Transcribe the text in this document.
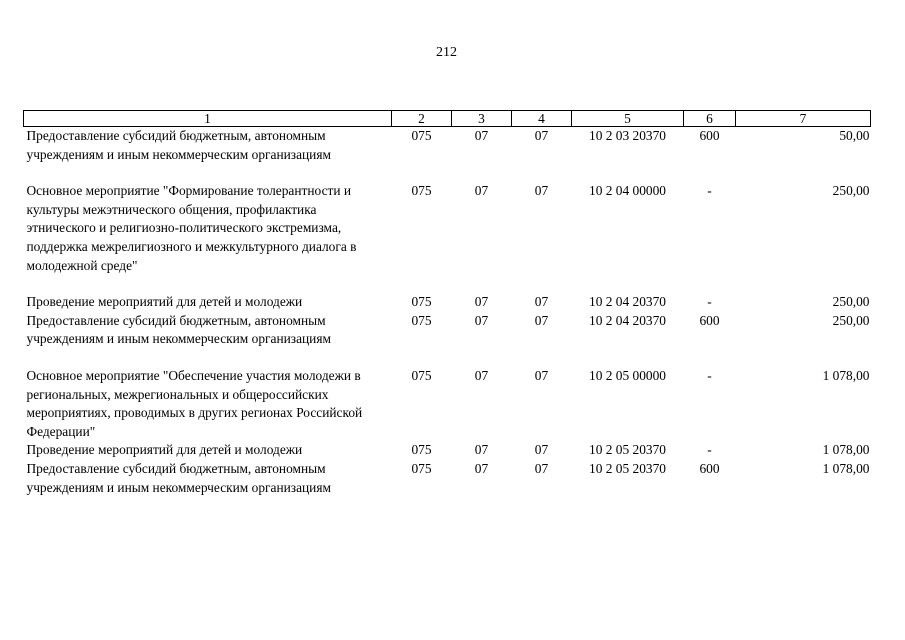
212
1	2	3	4	5	6	7
Предоставление субсидий бюджетным, автономным учреждениям и иным некоммерческим организациям	075	07	07	10 2 03 20370	600	50,00

Основное мероприятие "Формирование толерантности и культуры межэтнического общения, профилактика этнического и религиозно-политического экстремизма, поддержка межрелигиозного и межкультурного диалога в молодежной среде"	075	07	07	10 2 04 00000	-	250,00

Проведение мероприятий для детей и молодежи	075	07	07	10 2 04 20370	-	250,00
Предоставление субсидий бюджетным, автономным учреждениям и иным некоммерческим организациям	075	07	07	10 2 04 20370	600	250,00

Основное мероприятие "Обеспечение участия молодежи в региональных, межрегиональных и общероссийских мероприятиях, проводимых в других регионах Российской Федерации"	075	07	07	10 2 05 00000	-	1 078,00
Проведение мероприятий для детей и молодежи	075	07	07	10 2 05 20370	-	1 078,00
Предоставление субсидий бюджетным, автономным учреждениям и иным некоммерческим организациям	075	07	07	10 2 05 20370	600	1 078,00
